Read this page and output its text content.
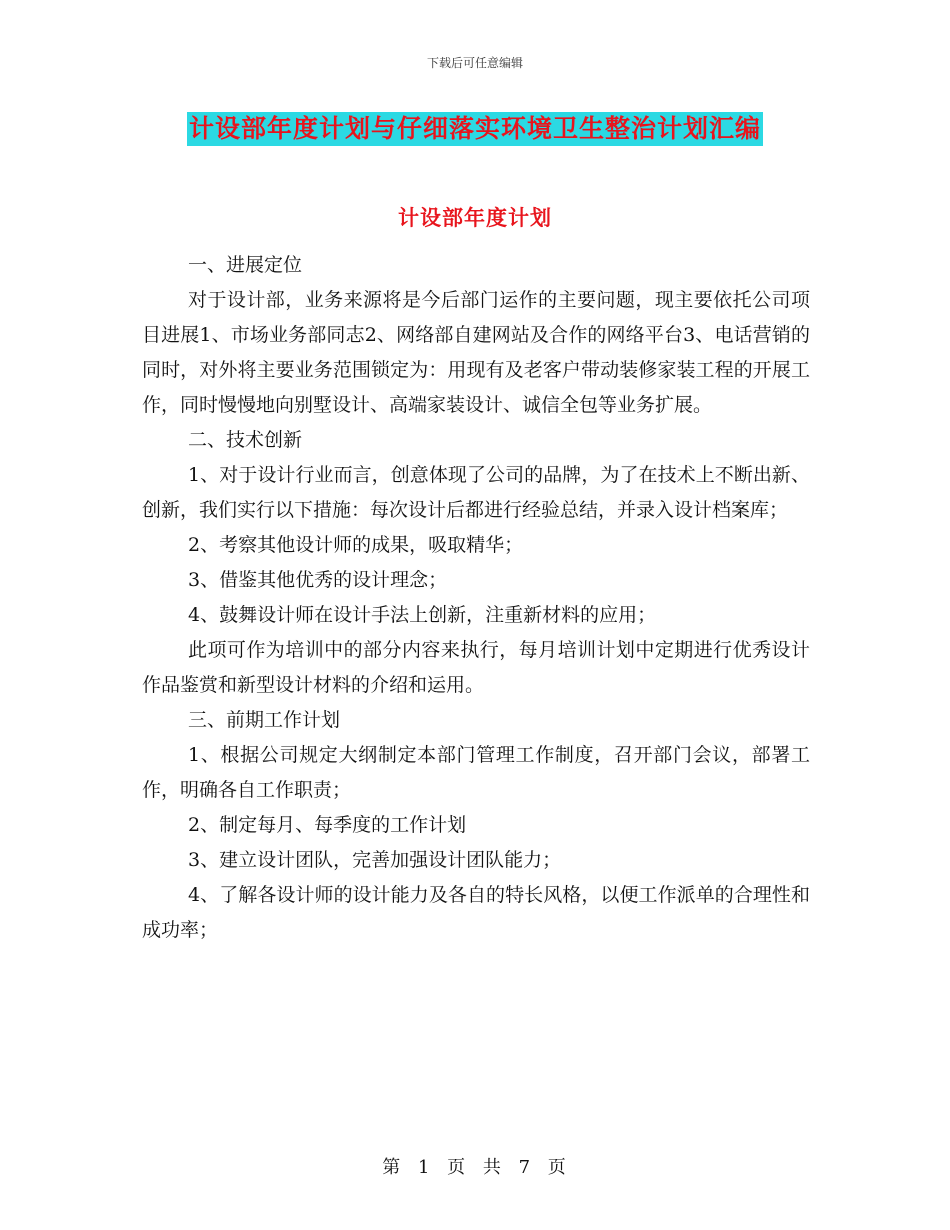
下载后可任意编辑
计设部年度计划与仔细落实环境卫生整治计划汇编
计设部年度计划

一、进展定位

对于设计部，业务来源将是今后部门运作的主要问题，现主要依托公司项目进展1、市场业务部同志2、网络部自建网站及合作的网络平台3、电话营销的同时，对外将主要业务范围锁定为：用现有及老客户带动装修家装工程的开展工作，同时慢慢地向别墅设计、高端家装设计、诚信全包等业务扩展。

二、技术创新

1、对于设计行业而言，创意体现了公司的品牌，为了在技术上不断出新、创新，我们实行以下措施：每次设计后都进行经验总结，并录入设计档案库；

2、考察其他设计师的成果，吸取精华；

3、借鉴其他优秀的设计理念；

4、鼓舞设计师在设计手法上创新，注重新材料的应用；

此项可作为培训中的部分内容来执行，每月培训计划中定期进行优秀设计作品鉴赏和新型设计材料的介绍和运用。

三、前期工作计划

1、根据公司规定大纲制定本部门管理工作制度，召开部门会议，部署工作，明确各自工作职责；

2、制定每月、每季度的工作计划

3、建立设计团队，完善加强设计团队能力；

4、了解各设计师的设计能力及各自的特长风格，以便工作派单的合理性和成功率；

第 1 页 共 7 页
